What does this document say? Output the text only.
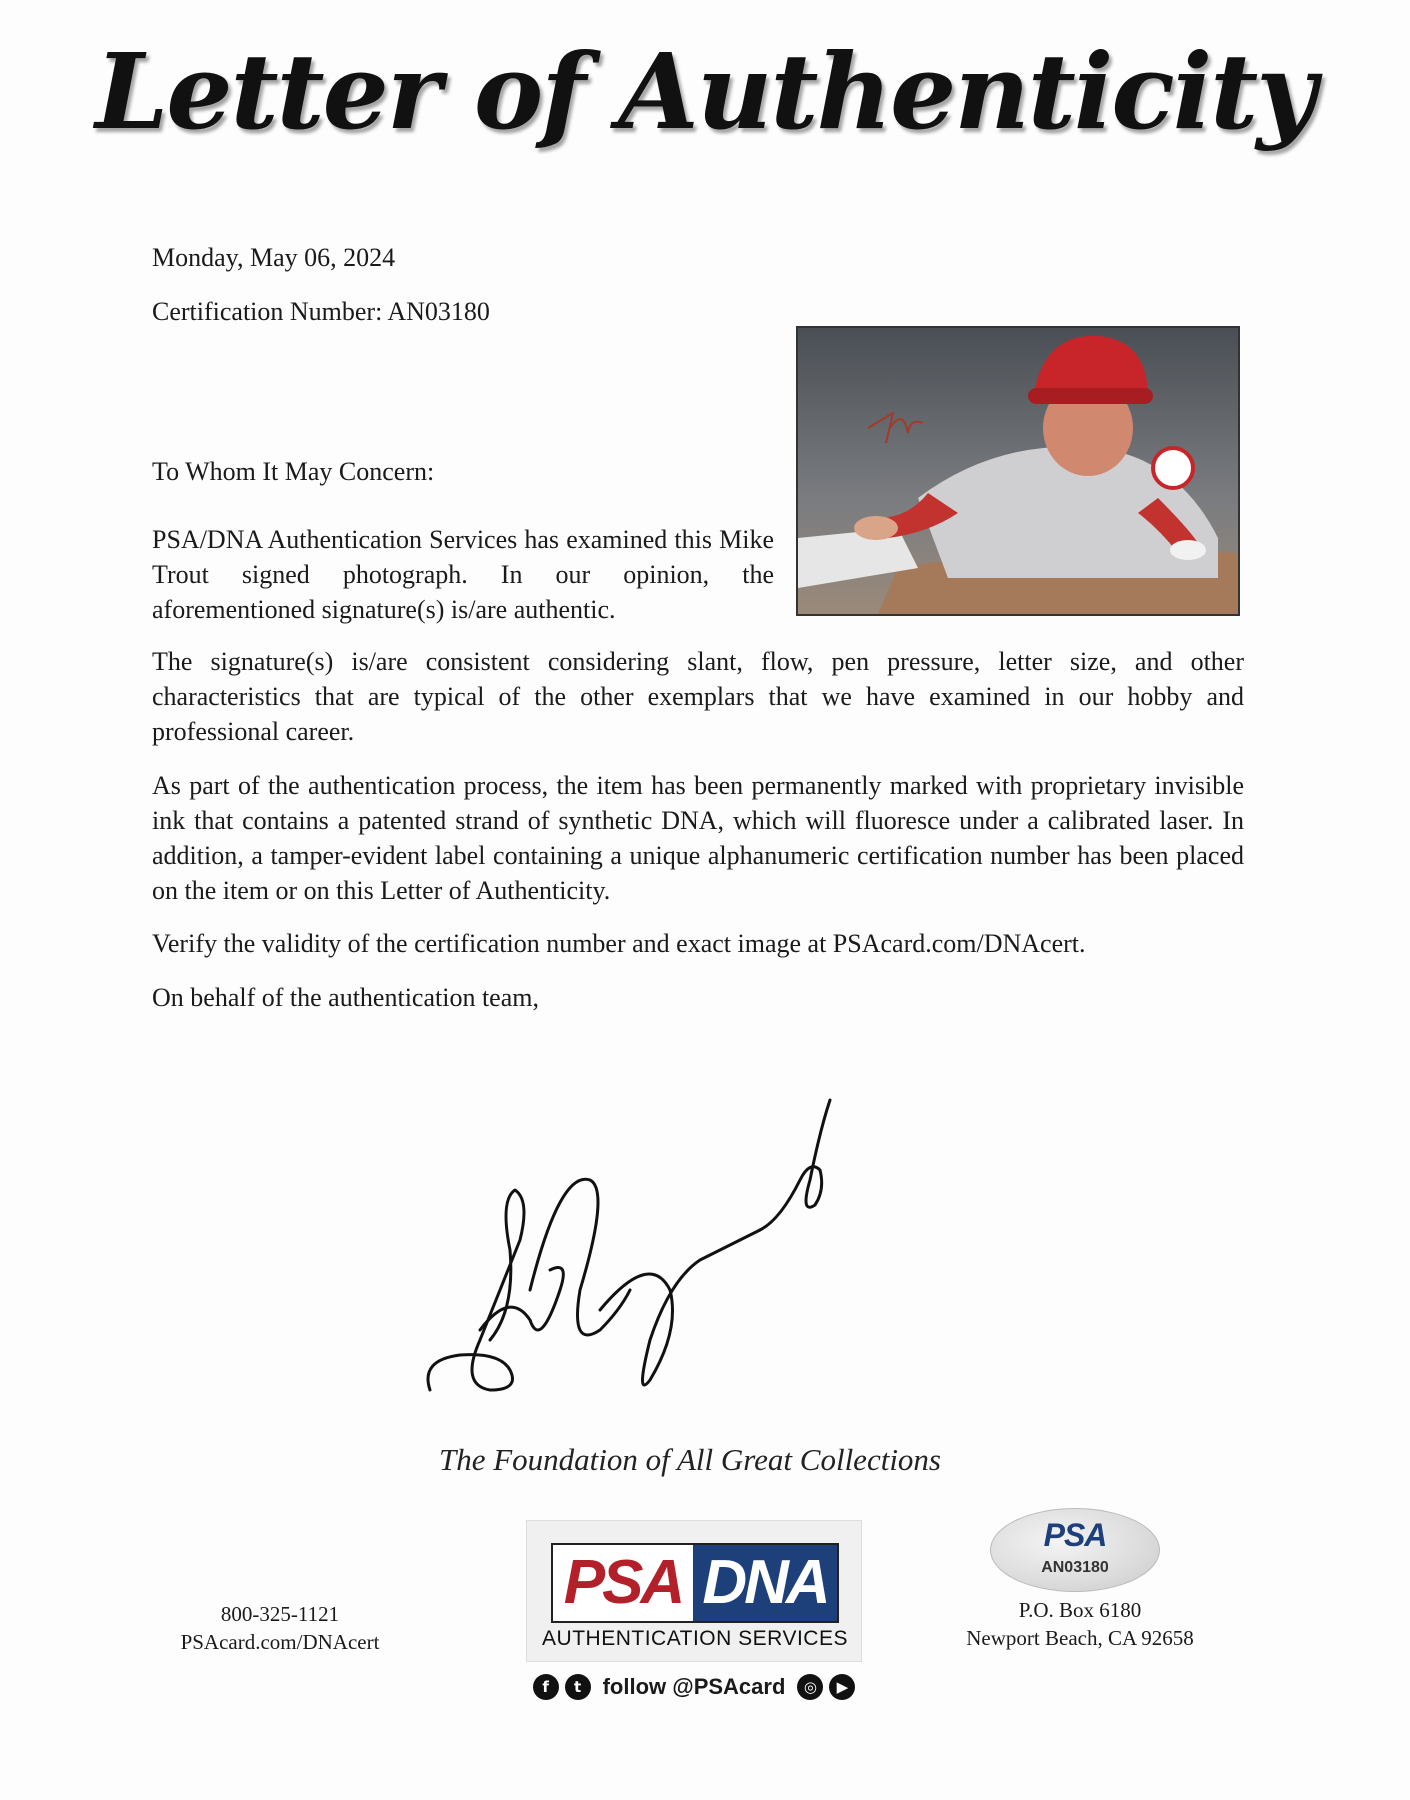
Letter of Authenticity
Monday, May 06, 2024
Certification Number: AN03180
To Whom It May Concern:
PSA/DNA Authentication Services has examined this Mike Trout signed photograph. In our opinion, the aforementioned signature(s) is/are authentic.
The signature(s) is/are consistent considering slant, flow, pen pressure, letter size, and other characteristics that are typical of the other exemplars that we have examined in our hobby and professional career.
As part of the authentication process, the item has been permanently marked with proprietary invisible ink that contains a patented strand of synthetic DNA, which will fluoresce under a calibrated laser. In addition, a tamper-evident label containing a unique alphanumeric certification number has been placed on the item or on this Letter of Authenticity.
Verify the validity of the certification number and exact image at PSAcard.com/DNAcert.
On behalf of the authentication team,
The Foundation of All Great Collections
800-325-1121
PSAcard.com/DNAcert
PSA DNA
AUTHENTICATION SERVICES
f	t follow @PSAcard	◎	▶
PSA
AN03180
P.O. Box 6180
Newport Beach, CA 92658
